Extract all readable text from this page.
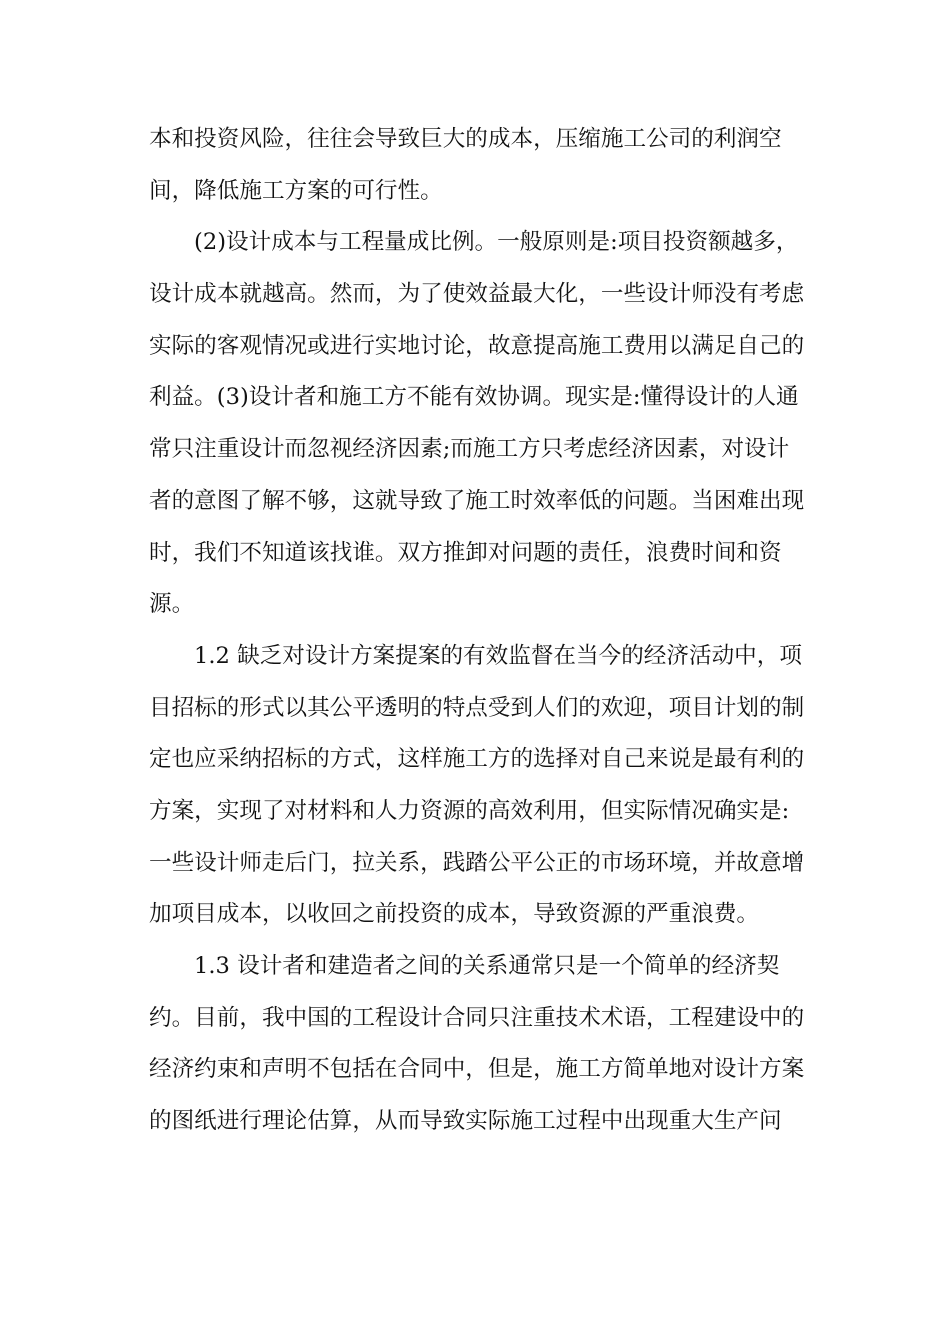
本和投资风险，往往会导致巨大的成本，压缩施工公司的利润空
间，降低施工方案的可行性。
(2)设计成本与工程量成比例。一般原则是:项目投资额越多，
设计成本就越高。然而，为了使效益最大化，一些设计师没有考虑
实际的客观情况或进行实地讨论，故意提高施工费用以满足自己的
利益。(3)设计者和施工方不能有效协调。现实是:懂得设计的人通
常只注重设计而忽视经济因素;而施工方只考虑经济因素，对设计
者的意图了解不够，这就导致了施工时效率低的问题。当困难出现
时，我们不知道该找谁。双方推卸对问题的责任，浪费时间和资
源。
1.2 缺乏对设计方案提案的有效监督在当今的经济活动中，项
目招标的形式以其公平透明的特点受到人们的欢迎，项目计划的制
定也应采纳招标的方式，这样施工方的选择对自己来说是最有利的
方案，实现了对材料和人力资源的高效利用，但实际情况确实是:
一些设计师走后门，拉关系，践踏公平公正的市场环境，并故意增
加项目成本，以收回之前投资的成本，导致资源的严重浪费。
1.3 设计者和建造者之间的关系通常只是一个简单的经济契
约。目前，我中国的工程设计合同只注重技术术语，工程建设中的
经济约束和声明不包括在合同中，但是，施工方简单地对设计方案
的图纸进行理论估算，从而导致实际施工过程中出现重大生产问
